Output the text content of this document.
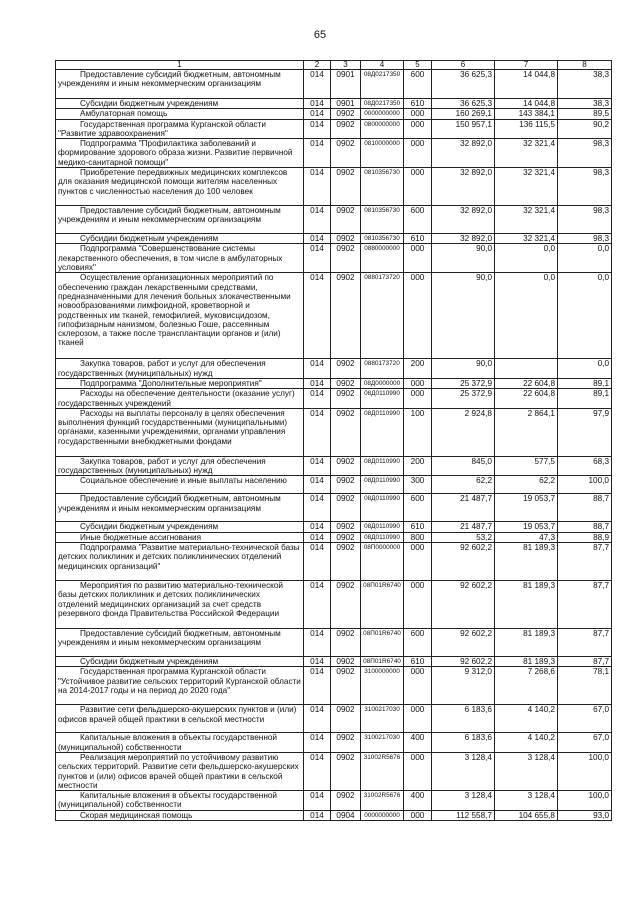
65
1	2	3	4	5	6	7	8
Предоставление субсидий бюджетным, автономным учреждениям и иным некоммерческим организациям	014	0901	08Д0217350	600	36 625,3	14 044,8	38,3
Субсидии бюджетным учреждениям	014	0901	08Д0217350	610	36 625,3	14 044,8	38,3
Амбулаторная помощь	014	0902	0000000000	000	160 269,1	143 384,1	89,5
Государственная программа Курганской области "Развитие здравоохранения"	014	0902	0800000000	000	150 957,1	136 115,5	90,2
Подпрограмма "Профилактика заболеваний и формирование здорового образа жизни. Развитие первичной медико-санитарной помощи"	014	0902	0810000000	000	32 892,0	32 321,4	98,3
Приобретение передвижных медицинских комплексов для оказания медицинской помощи жителям населенных пунктов с численностью населения до 100 человек	014	0902	0810356730	000	32 892,0	32 321,4	98,3
Предоставление субсидий бюджетным, автономным учреждениям и иным некоммерческим организациям	014	0902	0810356730	600	32 892,0	32 321,4	98,3
Субсидии бюджетным учреждениям	014	0902	0810356730	610	32 892,0	32 321,4	98,3
Подпрограмма "Совершенствование системы лекарственного обеспечения, в том числе в амбулаторных условиях"	014	0902	0880000000	000	90,0	0,0	0,0
Осуществление организационных мероприятий по обеспечению граждан лекарственными средствами, предназначенными для лечения больных злокачественными новообразованиями лимфоидной, кроветворной и родственных им тканей, гемофилией, муковисцидозом, гипофизарным нанизмом, болезнью Гоше, рассеянным склерозом, а также после трансплантации органов и (или) тканей	014	0902	0880173720	000	90,0	0,0	0,0
Закупка товаров, работ и услуг для обеспечения государственных (муниципальных) нужд	014	0902	0880173720	200	90,0		0,0
Подпрограмма "Дополнительные мероприятия"	014	0902	08Д0000000	000	25 372,9	22 604,8	89,1
Расходы на обеспечение деятельности (оказание услуг) государственных учреждений	014	0902	08Д0110990	000	25 372,9	22 604,8	89,1
Расходы на выплаты персоналу в целях обеспечения выполнения функций государственными (муниципальными) органами, казенными учреждениями, органами управления государственными внебюджетными фондами	014	0902	08Д0110990	100	2 924,8	2 864,1	97,9
Закупка товаров, работ и услуг для обеспечения государственных (муниципальных) нужд	014	0902	08Д0110990	200	845,0	577,5	68,3
Социальное обеспечение и иные выплаты населению	014	0902	08Д0110990	300	62,2	62,2	100,0
Предоставление субсидий бюджетным, автономным учреждениям и иным некоммерческим организациям	014	0902	08Д0110990	600	21 487,7	19 053,7	88,7
Субсидии бюджетным учреждениям	014	0902	08Д0110990	610	21 487,7	19 053,7	88,7
Иные бюджетные ассигнования	014	0902	08Д0110990	800	53,2	47,3	88,9
Подпрограмма "Развитие материально-технической базы детских поликлиник и детских поликлинических отделений медицинских организаций"	014	0902	08П0000000	000	92 602,2	81 189,3	87,7
Мероприятия по развитию материально-технической базы детских поликлиник и детских поликлинических отделений медицинских организаций за счет средств резервного фонда Правительства Российской Федерации	014	0902	08П01R6740	000	92 602,2	81 189,3	87,7
Предоставление субсидий бюджетным, автономным учреждениям и иным некоммерческим организациям	014	0902	08П01R6740	600	92 602,2	81 189,3	87,7
Субсидии бюджетным учреждениям	014	0902	08П01R6740	610	92 602,2	81 189,3	87,7
Государственная программа Курганской области "Устойчивое развитие сельских территорий Курганской области на 2014-2017 годы и на период до 2020 года"	014	0902	3100000000	000	9 312,0	7 268,6	78,1
Развитие сети фельдшерско-акушерских пунктов и (или) офисов врачей общей практики в сельской местности	014	0902	3100217030	000	6 183,6	4 140,2	67,0
Капитальные вложения в объекты государственной (муниципальной) собственности	014	0902	3100217030	400	6 183,6	4 140,2	67,0
Реализация мероприятий по устойчивому развитию сельских территорий. Развитие сети фельдшерско-акушерских пунктов и (или) офисов врачей общей практики в сельской местности	014	0902	31002R5676	000	3 128,4	3 128,4	100,0
Капитальные вложения в объекты государственной (муниципальной) собственности	014	0902	31002R5676	400	3 128,4	3 128,4	100,0
Скорая медицинская помощь	014	0904	0000000000	000	112 558,7	104 655,8	93,0
